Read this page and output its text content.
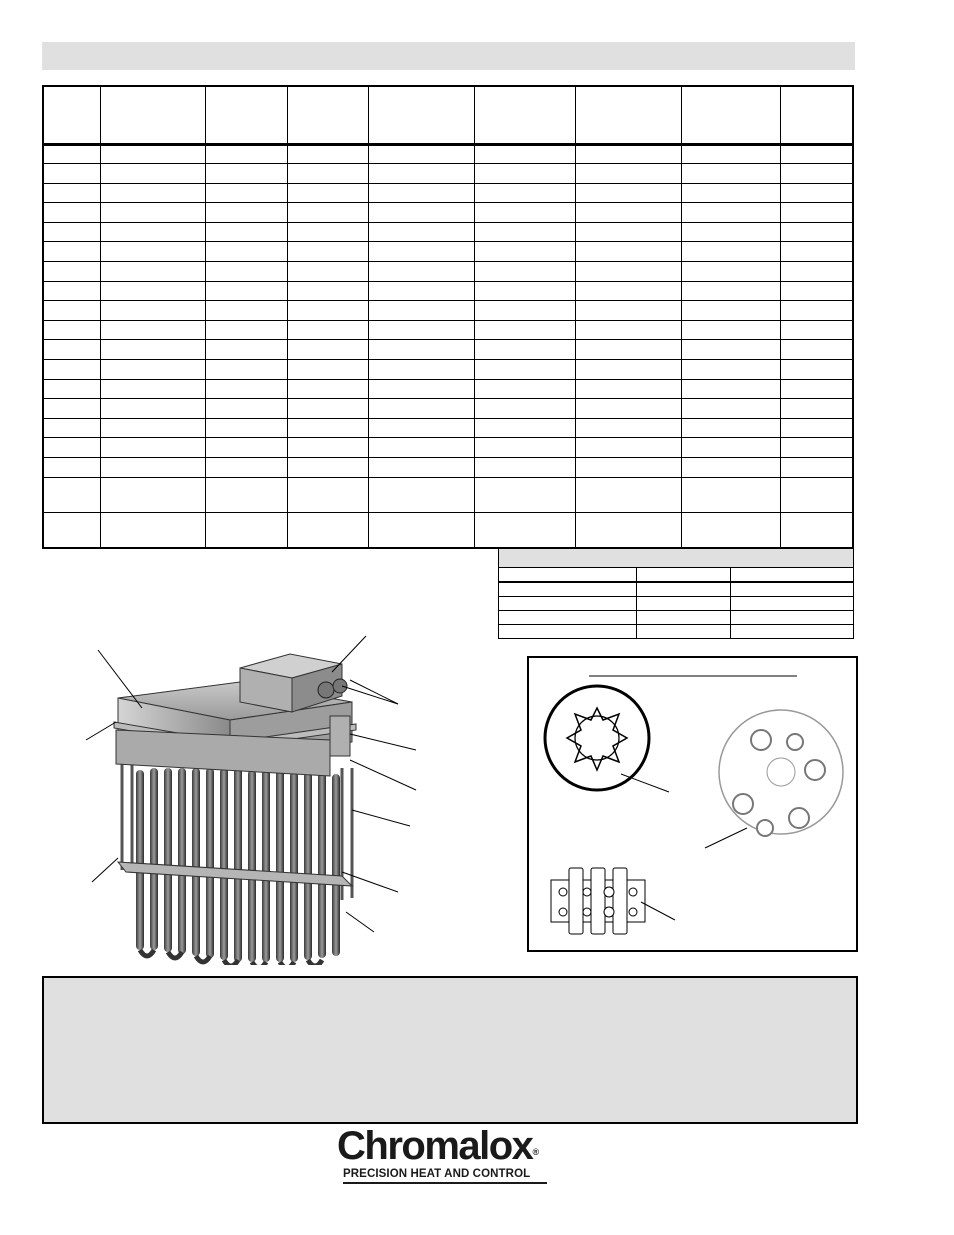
Chromalox®
PRECISION HEAT AND CONTROL
